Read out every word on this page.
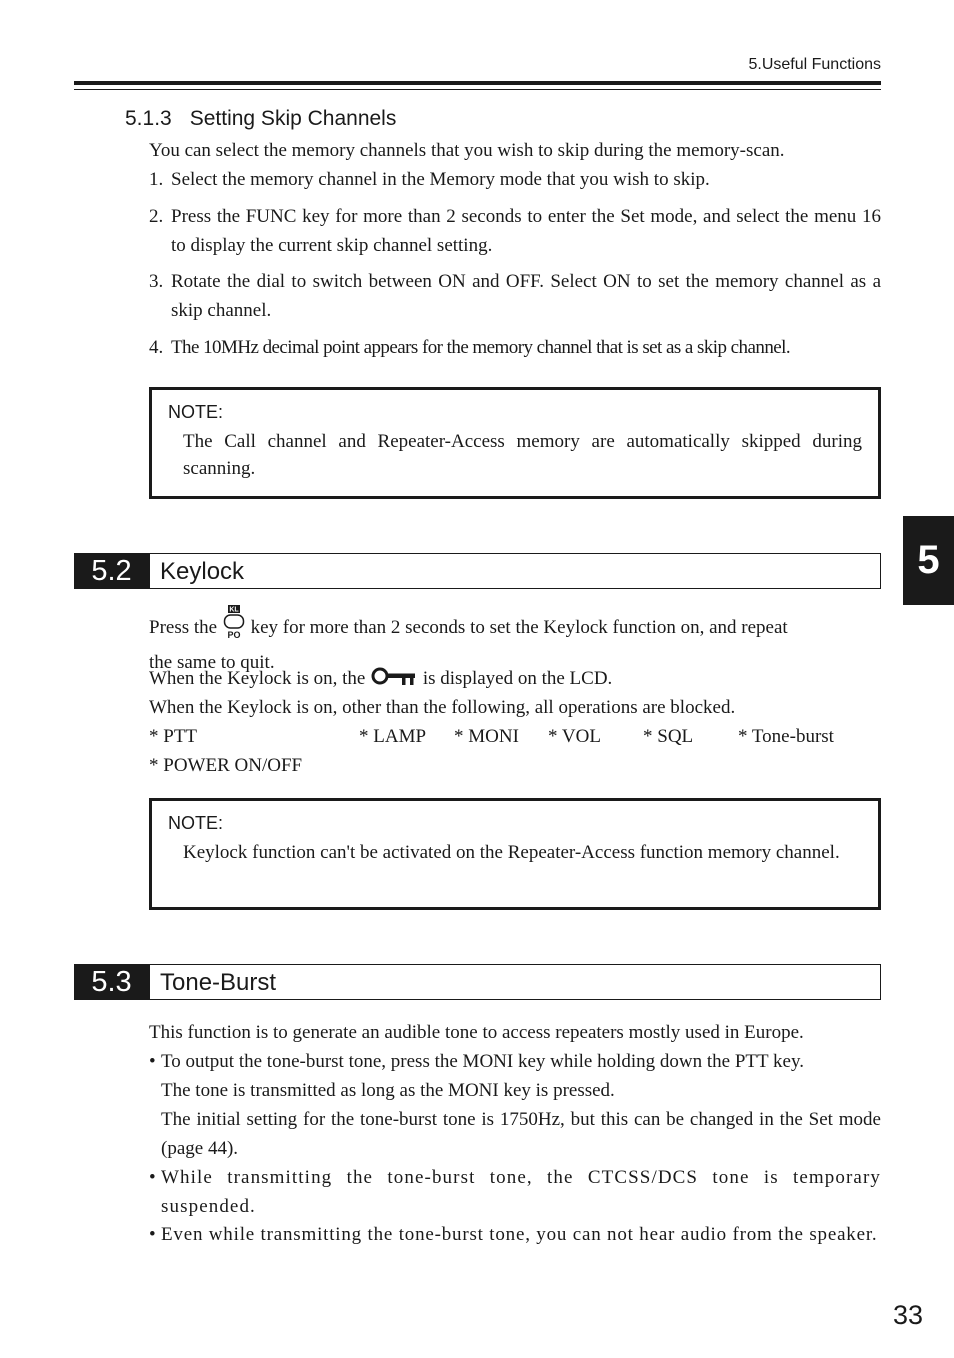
5.Useful Functions
5.1.3 Setting Skip Channels
You can select the memory channels that you wish to skip during the memory-scan.
1. Select the memory channel in the Memory mode that you wish to skip.
2. Press the FUNC key for more than 2 seconds to enter the Set mode, and select the menu 16 to display the current skip channel setting.
3. Rotate the dial to switch between ON and OFF. Select ON to set the memory channel as a skip channel.
4. The 10MHz decimal point appears for the memory channel that is set as a skip channel.
NOTE:
The Call channel and Repeater-Access memory are automatically skipped during scanning.
5.2	Keylock
Press the
KL
PO key for more than 2 seconds to set the Keylock function on, and repeat
the same to quit.
When the Keylock is on, the	is displayed on the LCD.
When the Keylock is on, other than the following, all operations are blocked.
* PTT	* LAMP * MONI * VOL * SQL * Tone-burst
* POWER ON/OFF
NOTE:
Keylock function can't be activated on the Repeater-Access function memory channel.
5.3	Tone-Burst
This function is to generate an audible tone to access repeaters mostly used in Europe.
• To output the tone-burst tone, press the MONI key while holding down the PTT key.
The tone is transmitted as long as the MONI key is pressed.
The initial setting for the tone-burst tone is 1750Hz, but this can be changed in the Set mode (page 44).
• While transmitting the tone-burst tone, the CTCSS/DCS tone is temporary suspended.
• Even while transmitting the tone-burst tone, you can not hear audio from the speaker.
5
33
